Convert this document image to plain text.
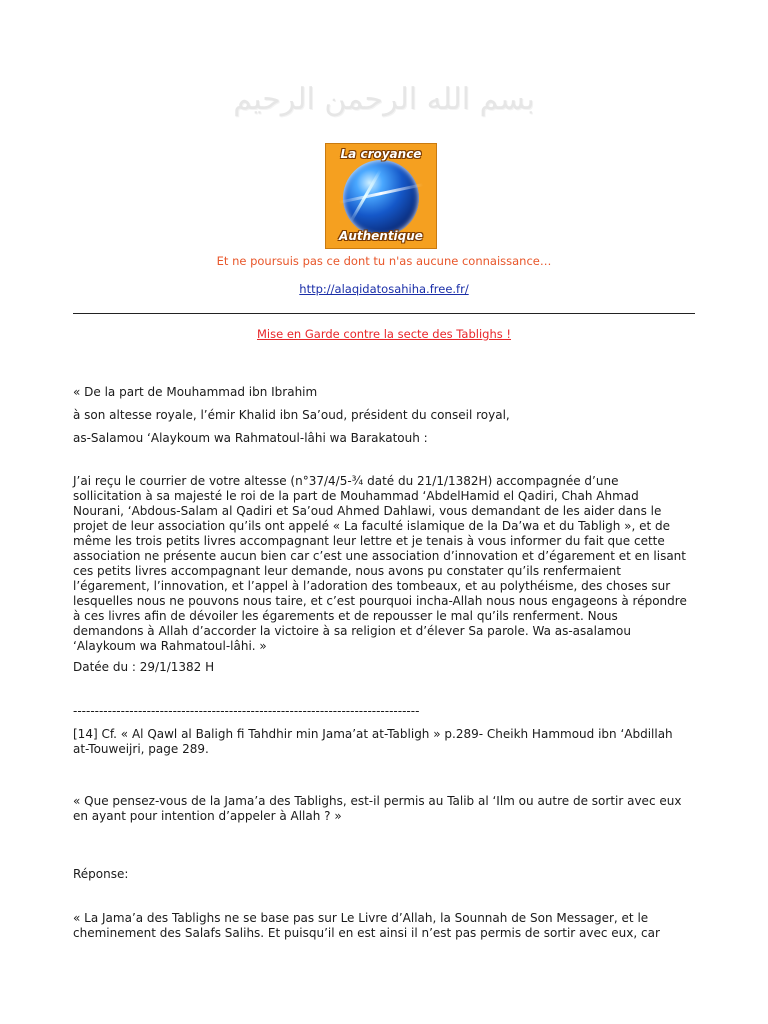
بسم الله الرحمن الرحيم
La croyance
Authentique
Et ne poursuis pas ce dont tu n'as aucune connaissance…
http://alaqidatosahiha.free.fr/
Mise en Garde contre la secte des Tablighs !
« De la part de Mouhammad ibn Ibrahim
à son altesse royale, l’émir Khalid ibn Sa’oud, président du conseil royal,
as-Salamou ‘Alaykoum wa Rahmatoul-lâhi wa Barakatouh :
J’ai reçu le courrier de votre altesse (n°37/4/5-¾ daté du 21/1/1382H) accompagnée d’une
sollicitation à sa majesté le roi de la part de Mouhammad ‘AbdelHamid el Qadiri, Chah Ahmad
Nourani, ‘Abdous-Salam al Qadiri et Sa’oud Ahmed Dahlawi, vous demandant de les aider dans le
projet de leur association qu’ils ont appelé « La faculté islamique de la Da’wa et du Tabligh », et de
même les trois petits livres accompagnant leur lettre et je tenais à vous informer du fait que cette
association ne présente aucun bien car c’est une association d’innovation et d’égarement et en lisant
ces petits livres accompagnant leur demande, nous avons pu constater qu’ils renfermaient
l’égarement, l’innovation, et l’appel à l’adoration des tombeaux, et au polythéisme, des choses sur
lesquelles nous ne pouvons nous taire, et c’est pourquoi incha-Allah nous nous engageons à répondre
à ces livres afin de dévoiler les égarements et de repousser le mal qu’ils renferment. Nous
demandons à Allah d’accorder la victoire à sa religion et d’élever Sa parole. Wa as-asalamou
‘Alaykoum wa Rahmatoul-lâhi. »
Datée du : 29/1/1382 H
--------------------------------------------------------------------------------
[14] Cf. « Al Qawl al Baligh fi Tahdhir min Jama’at at-Tabligh » p.289- Cheikh Hammoud ibn ‘Abdillah
at-Touweijri, page 289.
« Que pensez-vous de la Jama’a des Tablighs, est-il permis au Talib al ‘Ilm ou autre de sortir avec eux
en ayant pour intention d’appeler à Allah ? »
Réponse:
« La Jama’a des Tablighs ne se base pas sur Le Livre d’Allah, la Sounnah de Son Messager, et le
cheminement des Salafs Salihs. Et puisqu’il en est ainsi il n’est pas permis de sortir avec eux, car
